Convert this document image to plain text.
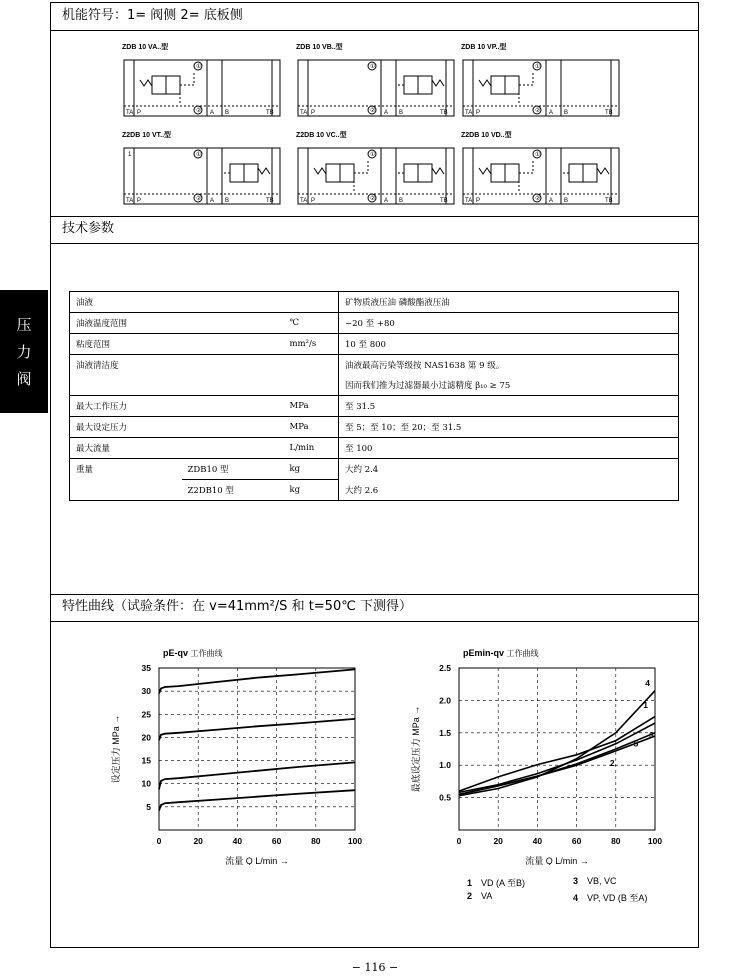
机能符号：1= 阀侧 2= 底板侧
技术参数
特性曲线（试验条件：在 v=41mm²/S 和 t=50℃ 下测得）
压
力
阀
ZDB 10 VA..型
TA P	A B	TB
①
②
ZDB 10 VB..型
TA P	A B	TB
①
②
ZDB 10 VP..型
TA P	A B	TB
①
②
Z2DB 10 VT..型
TA P	A B	TB
①
②
1
Z2DB 10 VC..型
TA P	A B	TB
①
②
Z2DB 10 VD..型
TA P	A B	TB
①
②
油液			矿物质液压油 磷酸酯液压油
油液温度范围		℃	−20 至 +80
粘度范围		mm²/s	10 至 800
油液清洁度			油液最高污染等级按 NAS1638 第 9 级。
			因而我们推为过滤器最小过滤精度 β₁₀ ≥ 75
最大工作压力		MPa	至 31.5
最大设定压力		MPa	至 5；至 10；至 20；至 31.5
最大流量		L/min	至 100
重量	ZDB10 型	kg	大约 2.4
	Z2DB10 型	kg	大约 2.6
pE-qv 工作曲线
0	20	40	60	80	100
5
10
15
20
25
30
35
流量 Q L/min →
设定压力 MPa →
pEmin-qv 工作曲线
0	20	40	60	80	100
0.5
1.0
1.5
2.0
2.5
流量 Q L/min →
最底设定压力 MPa →
1
2
3
4
5
1 VD (A 至B)
2 VA
3 VB, VC
4 VP, VD (B 至A)
− 116 −
